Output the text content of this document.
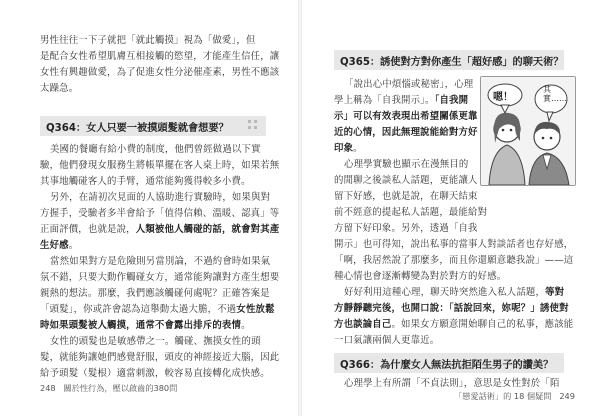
男性往往一下子就把「就此觸摸」視為「做愛」，但
是配合女性希望肌膚互相接觸的慾望，才能產生信任，讓
女性有興趣做愛，為了促進女性分泌催產素，男性不應該
太躁急。
Q364：女人只要一被摸頭髮就會想要？
美國的餐廳有給小費的制度，他們曾經做過以下實
驗，他們發現女服務生將帳單擺在客人桌上時，如果若無
其事地觸碰客人的手臂，通常能夠獲得較多小費。
另外，在請初次見面的人協助進行實驗時，如果與對
方握手，受驗者多半會給予「值得信賴、溫暖、認真」等
正面評價，也就是說，人類被他人觸碰的話，就會對其產
生好感。
當然如果對方是危險則另當別論，不過約會時如果氣
氛不錯，只要大動作觸碰女方，通常能夠讓對方產生想要
親熱的想法。那麼，我們應該觸碰何處呢？正確答案是
「頭髮」，你或許會認為這舉動太過大膽，不過女性放鬆
時如果頭髮被人觸摸，通常不會露出排斥的表情。
女性的頭髮也是敏感帶之一。觸碰、撫摸女性的頭
髮，就能夠讓她們感覺舒服，頭皮的神經接近大腦，因此
給予頭髮（髮根）適當刺激，較容易直接轉化成快感。
248 關於性行為，壓以啟齒的380問
Q365：誘使對方對你產生「超好感」的聊天術？
「說出心中煩惱或秘密」，心理
學上稱為「自我開示」。「自我開
示」可以有效表現出希望關係更靠
近的心情，因此無理說能給對方好
印象。
心理學實驗也顯示在漫無目的
的閒聊之後談私人話題，更能讓人
留下好感，也就是說，在聊天結束
前不經意的提起私人話題，最能給對
方留下好印象。另外，透過「自我
開示」也可得知，說出私事的當事人對談話者也存好感，
「啊，我居然說了那麼多，而且你還願意聽我說」——這
種心情也會逐漸轉變為對於對方的好感。
好好利用這種心理，聊天時突然進入私人話題，等對
方靜靜聽完後，也開口說：「話說回來，妳呢？」誘使對
方也談論自己。如果女方願意開始聊自己的私事，應該能
一口氣讓兩個人更靠近。
Q366：為什麼女人無法抗拒陌生男子的讚美？
心理學上有所謂「不貞法則」，意思是女性對於「陌
「戀愛話術」的 18 個疑問 249
嗯！
其實……
